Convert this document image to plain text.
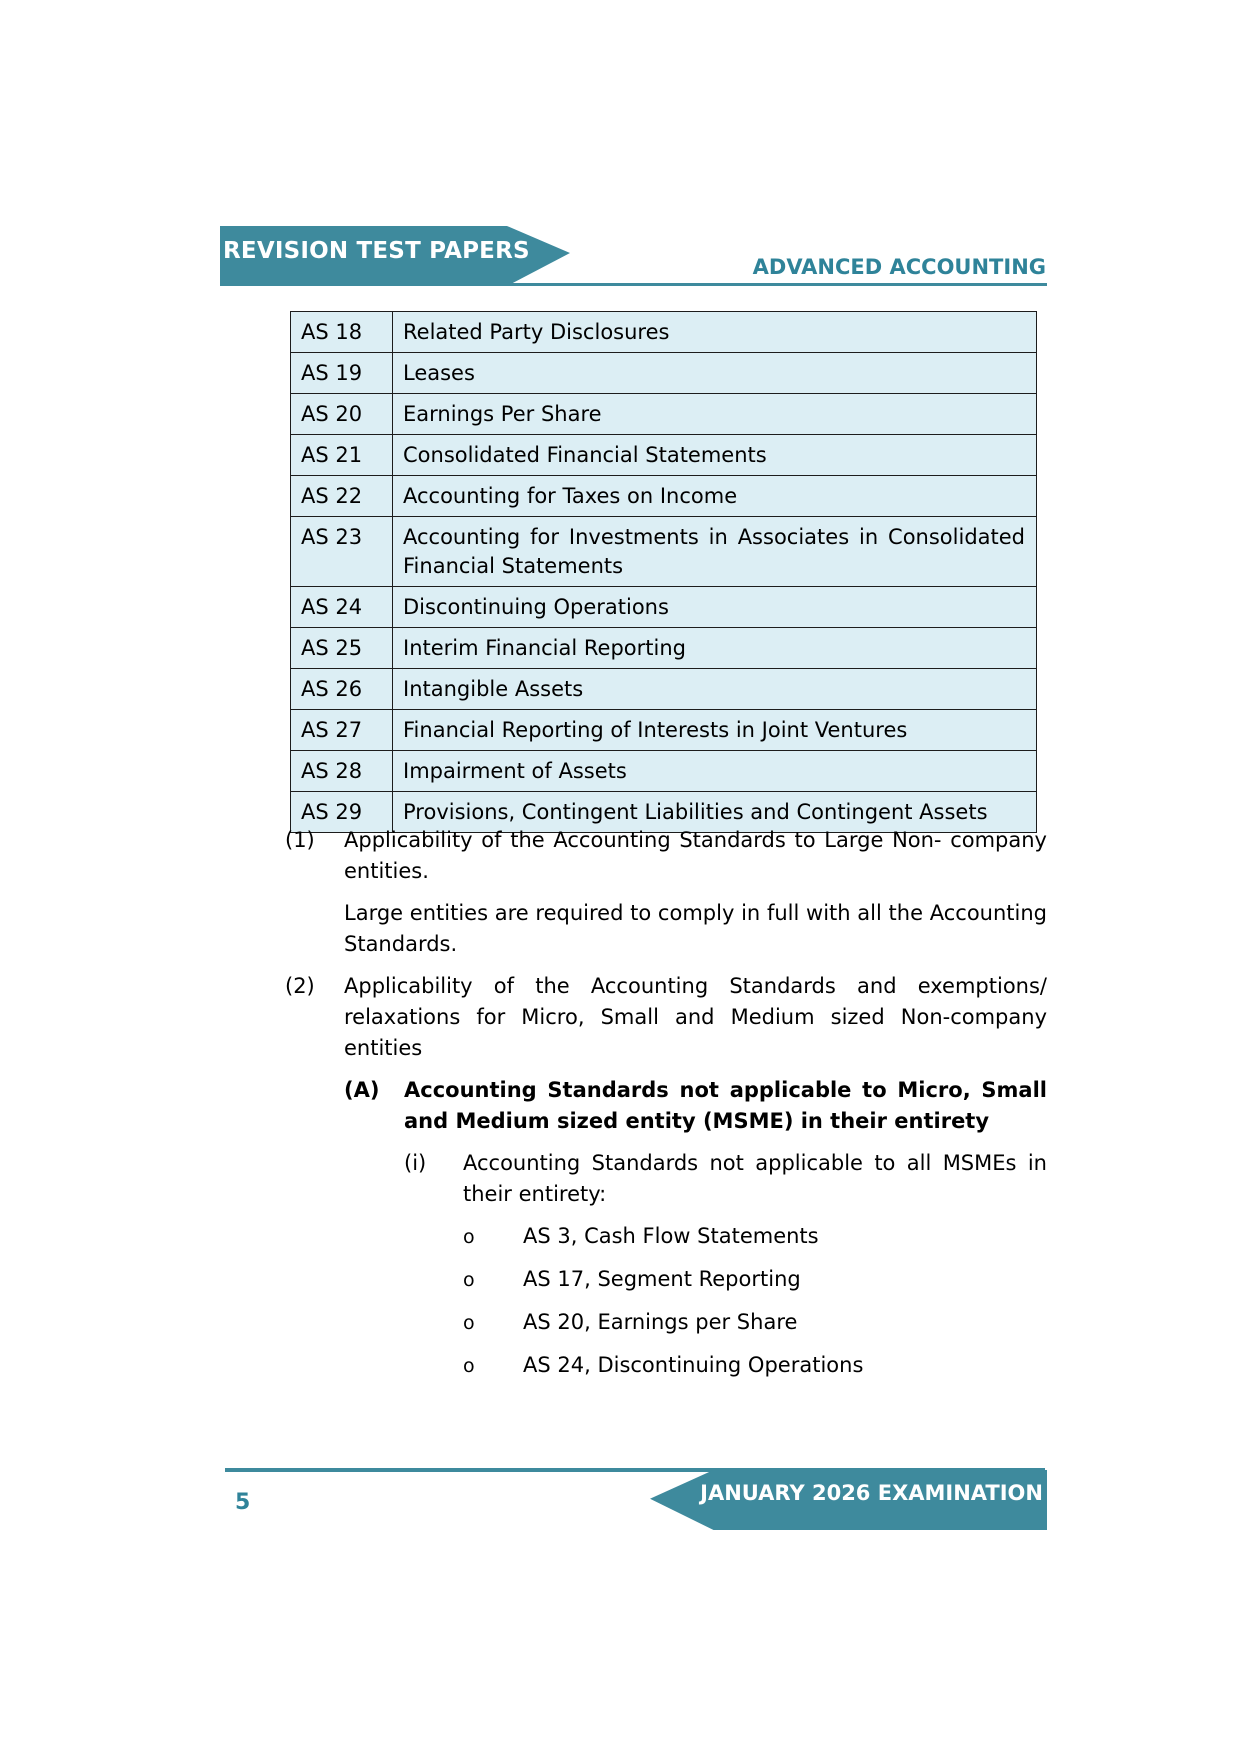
REVISION TEST PAPERS
ADVANCED ACCOUNTING
AS 18	Related Party Disclosures
AS 19	Leases
AS 20	Earnings Per Share
AS 21	Consolidated Financial Statements
AS 22	Accounting for Taxes on Income
AS 23	Accounting for Investments in Associates in Consolidated Financial Statements
AS 24	Discontinuing Operations
AS 25	Interim Financial Reporting
AS 26	Intangible Assets
AS 27	Financial Reporting of Interests in Joint Ventures
AS 28	Impairment of Assets
AS 29	Provisions, Contingent Liabilities and Contingent Assets
(1) Applicability of the Accounting Standards to Large Non- company entities.
Large entities are required to comply in full with all the Accounting Standards.
(2) Applicability of the Accounting Standards and exemptions/ relaxations for Micro, Small and Medium sized Non-company entities
(A) Accounting Standards not applicable to Micro, Small and Medium sized entity (MSME) in their entirety
(i) Accounting Standards not applicable to all MSMEs in their entirety:
o AS 3, Cash Flow Statements
o AS 17, Segment Reporting
o AS 20, Earnings per Share
o AS 24, Discontinuing Operations
JANUARY 2026 EXAMINATION
5
